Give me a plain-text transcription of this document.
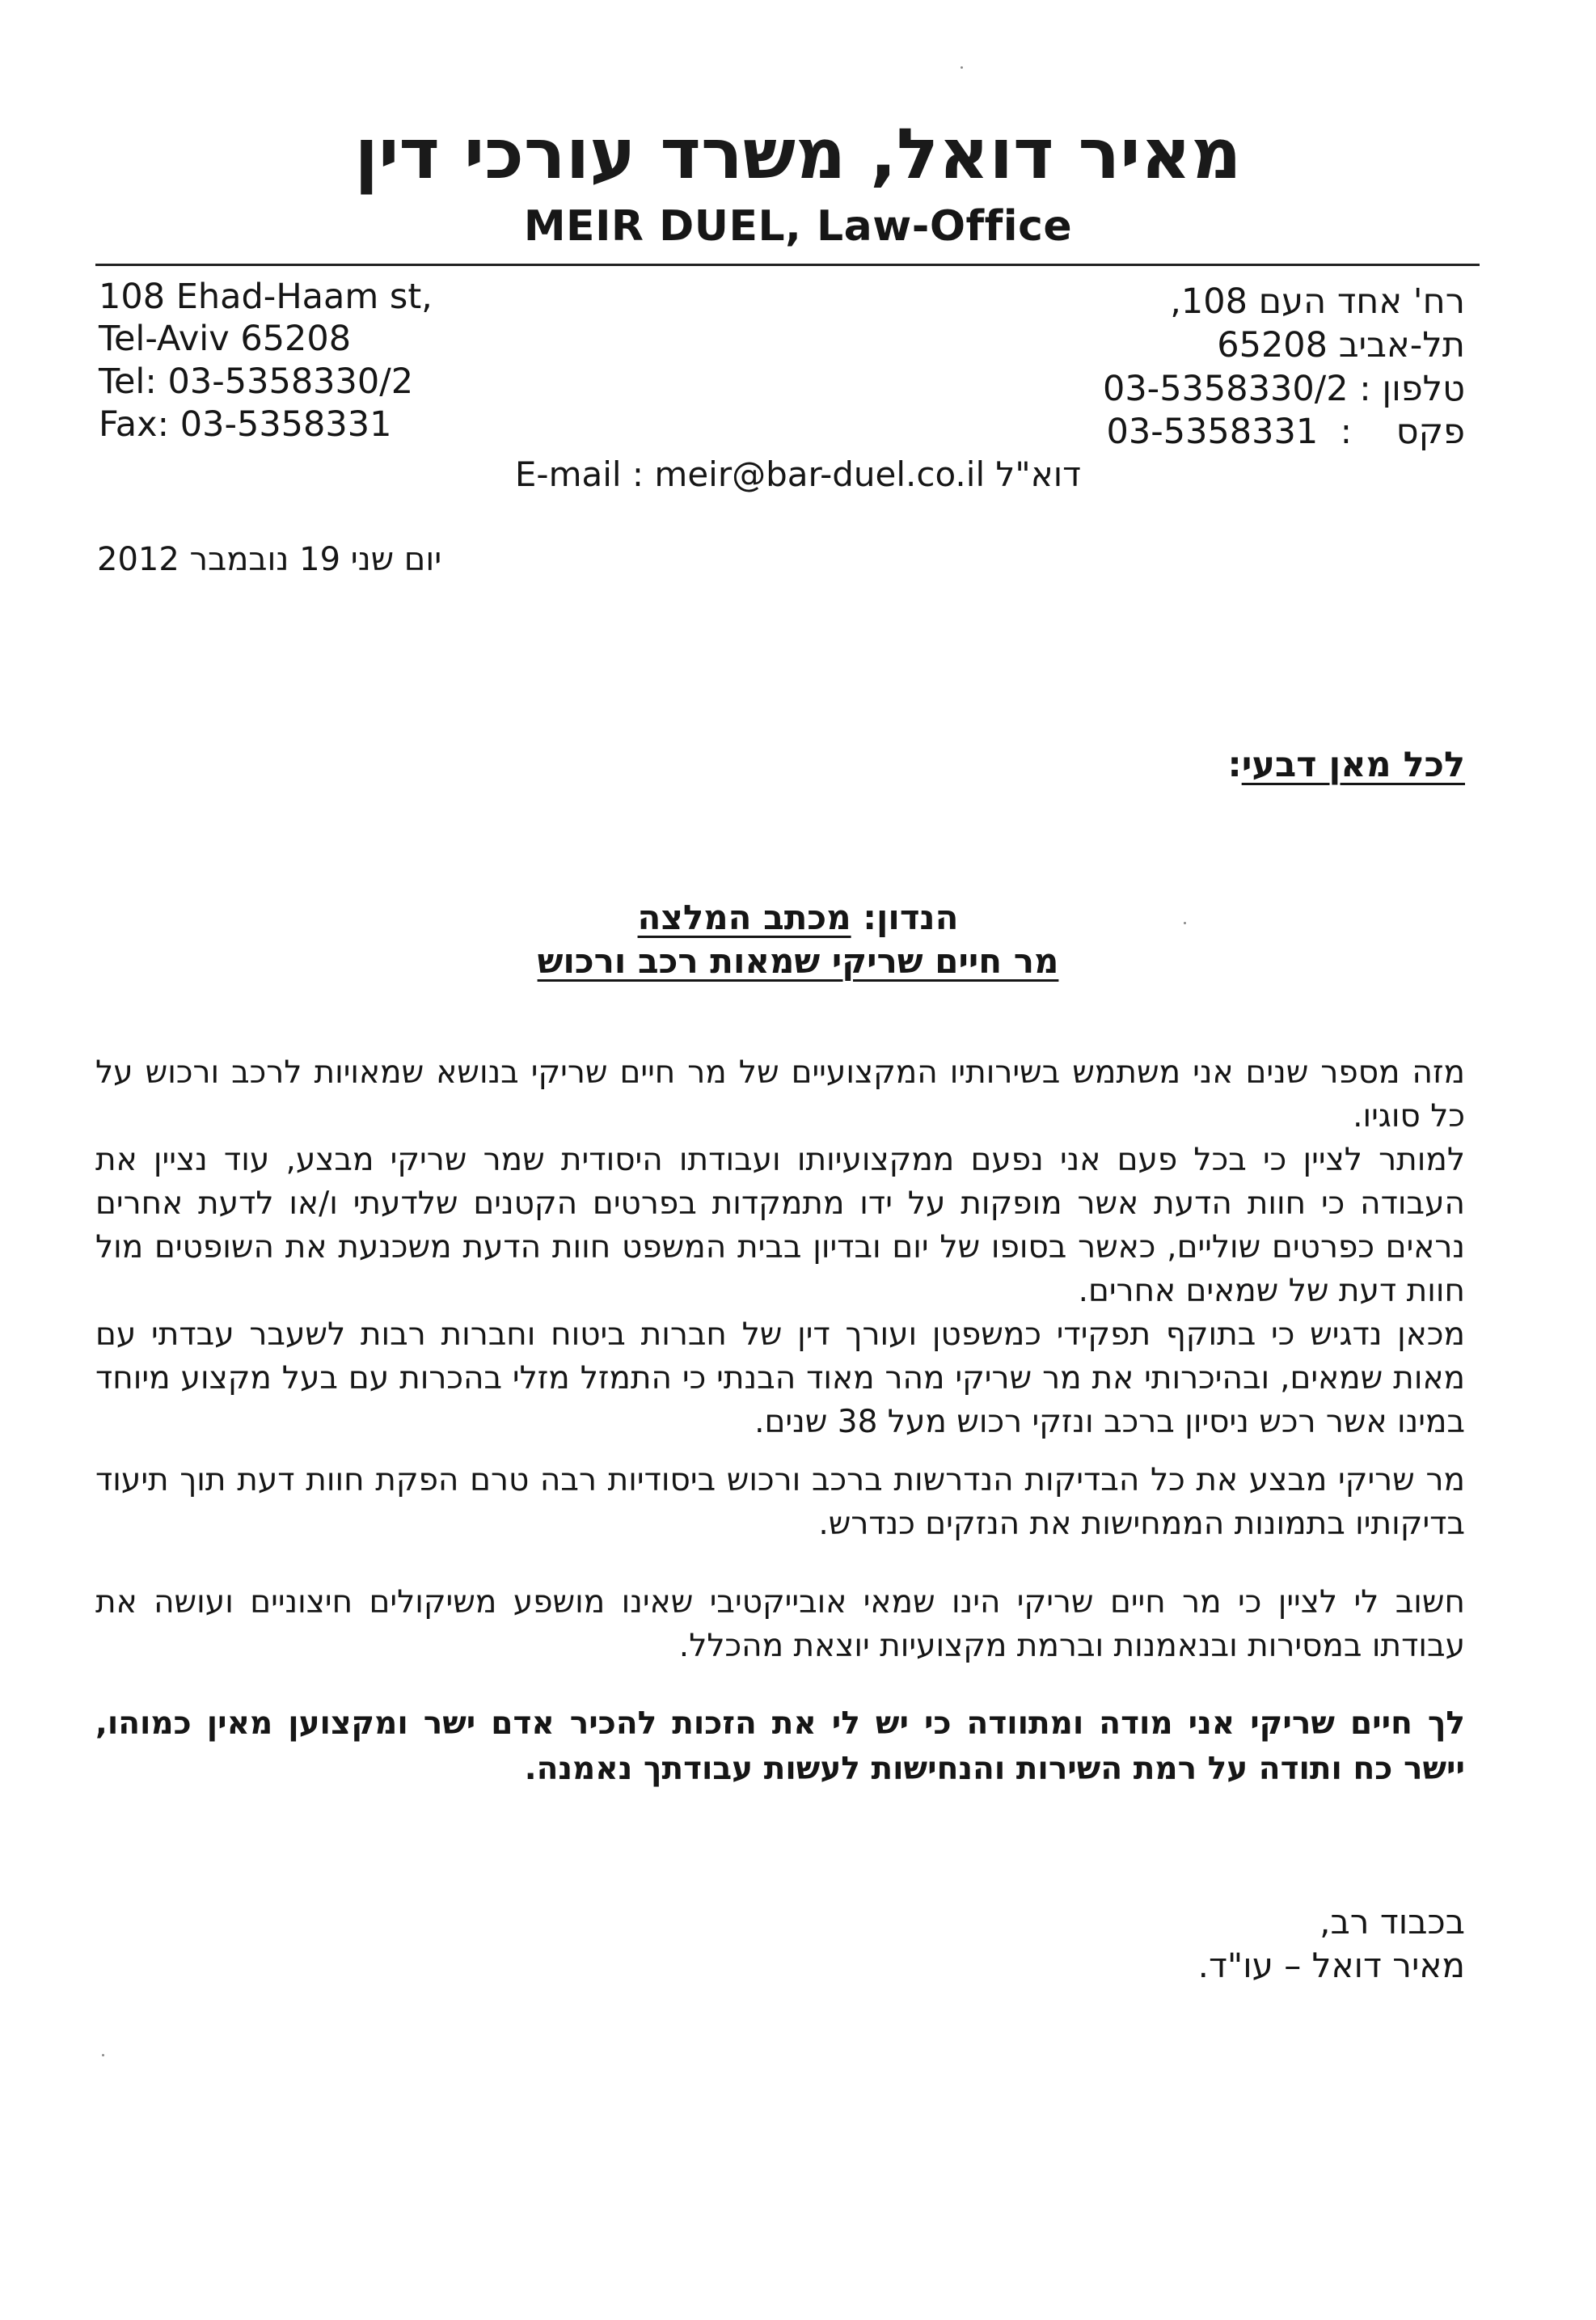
מאיר דואל, משרד עורכי דין
MEIR DUEL, Law-Office
108 Ehad-Haam st,
Tel-Aviv 65208
Tel: 03-5358330/2
Fax: 03-5358331
רח' אחד העם 108,
תל-אביב 65208
טלפון : 03-5358330/2
פקס    :  03-5358331
E-mail : meir@bar-duel.co.il דוא"ל
יום שני 19 נובמבר 2012
לכל מאן דבעי:
הנדון: מכתב המלצה
מר חיים שריקי שמאות רכב ורכוש

מזה מספר שנים אני משתמש בשירותיו המקצועיים של מר חיים שריקי בנושא שמאויות לרכב ורכוש על כל סוגיו.

למותר לציין כי בכל פעם אני נפעם ממקצועיותו ועבודתו היסודית שמר שריקי מבצע, עוד נציין את העבודה כי חוות הדעת אשר מופקות על ידו מתמקדות בפרטים הקטנים שלדעתי ו/או לדעת אחרים נראים כפרטים שוליים, כאשר בסופו של יום ובדיון בבית המשפט חוות הדעת משכנעת את השופטים מול חוות דעת של שמאים אחרים.

מכאן נדגיש כי בתוקף תפקידי כמשפטן ועורך דין של חברות ביטוח וחברות רבות לשעבר עבדתי עם מאות שמאים, ובהיכרותי את מר שריקי מהר מאוד הבנתי כי התמזל מזלי בהכרות עם בעל מקצוע מיוחד במינו אשר רכש ניסיון ברכב ונזקי רכוש מעל 38 שנים.

מר שריקי מבצע את כל הבדיקות הנדרשות ברכב ורכוש ביסודיות רבה טרם הפקת חוות דעת תוך תיעוד בדיקותיו בתמונות הממחישות את הנזקים כנדרש.

חשוב לי לציין כי מר חיים שריקי הינו שמאי אובייקטיבי שאינו מושפע משיקולים חיצוניים ועושה את עבודתו במסירות ובנאמנות וברמת מקצועיות יוצאת מהכלל.

לך חיים שריקי אני מודה ומתוודה כי יש לי את הזכות להכיר אדם ישר ומקצוען מאין כמוהו, יישר כח ותודה על רמת השירות והנחישות לעשות עבודתך נאמנה.

בכבוד רב,
מאיר דואל – עו"ד.
